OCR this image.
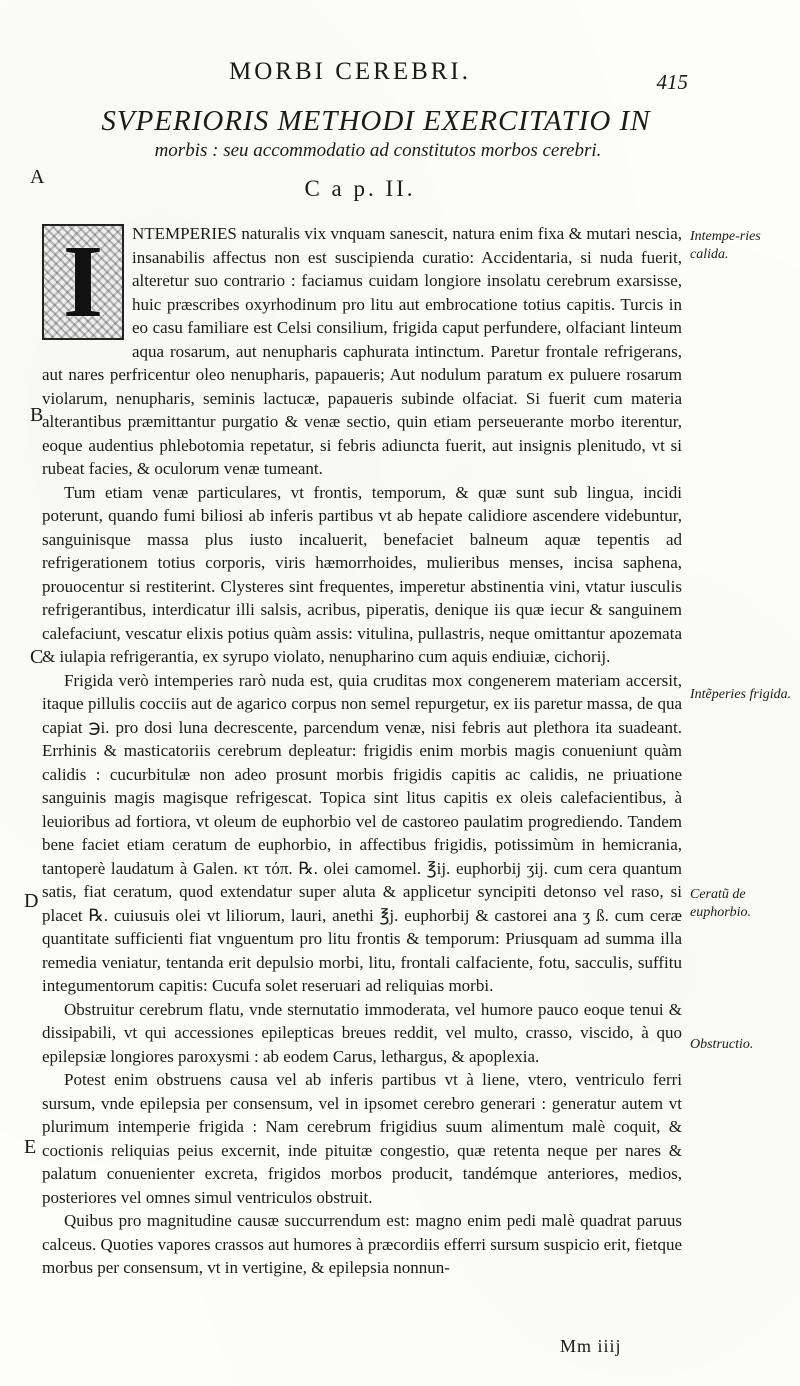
MORBI CEREBRI.	415
SVPERIORIS METHODI EXERCITATIO IN
morbis : seu accommodatio ad constitutos morbos cerebri.
C a p. II.
A
B
C
D
E
I	NTEMPERIES naturalis vix vnquam sanescit, natura enim fixa & mutari nescia, insanabilis affectus non est suscipienda curatio: Accidentaria, si nuda fuerit, alteretur suo contrario : faciamus cuidam longiore insolatu cerebrum exarsisse, huic præscribes oxyrhodinum pro litu aut embrocatione totius capitis. Turcis in eo casu familiare est Celsi consilium, frigida caput perfundere, olfaciant linteum aqua rosarum, aut nenupharis caphurata intinctum. Paretur frontale refrigerans, aut nares perfricentur oleo nenupharis, papaueris; Aut nodulum paratum ex puluere rosarum violarum, nenupharis, seminis lactucæ, papaueris subinde olfaciat. Si fuerit cum materia alterantibus præmittantur purgatio & venæ sectio, quin etiam perseuerante morbo iterentur, eoque audentius phlebotomia repetatur, si febris adiuncta fuerit, aut insignis plenitudo, vt si rubeat facies, & oculorum venæ tumeant.

Tum etiam venæ particulares, vt frontis, temporum, & quæ sunt sub lingua, incidi poterunt, quando fumi biliosi ab inferis partibus vt ab hepate calidiore ascendere videbuntur, sanguinisque massa plus iusto incaluerit, benefaciet balneum aquæ tepentis ad refrigerationem totius corporis, viris hæmorrhoides, mulieribus menses, incisa saphena, prouocentur si restiterint. Clysteres sint frequentes, imperetur abstinentia vini, vtatur iusculis refrigerantibus, interdicatur illi salsis, acribus, piperatis, denique iis quæ iecur & sanguinem calefaciunt, vescatur elixis potius quàm assis: vitulina, pullastris, neque omittantur apozemata & iulapia refrigerantia, ex syrupo violato, nenupharino cum aquis endiuiæ, cichorij.

Frigida verò intemperies rarò nuda est, quia cruditas mox congenerem materiam accersit, itaque pillulis cocciis aut de agarico corpus non semel repurgetur, ex iis paretur massa, de qua capiat ℈i. pro dosi luna decrescente, parcendum venæ, nisi febris aut plethora ita suadeant. Errhinis & masticatoriis cerebrum depleatur: frigidis enim morbis magis conueniunt quàm calidis : cucurbitulæ non adeo prosunt morbis frigidis capitis ac calidis, ne priuatione sanguinis magis magisque refrigescat. Topica sint litus capitis ex oleis calefacientibus, à leuioribus ad fortiora, vt oleum de euphorbio vel de castoreo paulatim progrediendo. Tandem bene faciet etiam ceratum de euphorbio, in affectibus frigidis, potissimùm in hemicrania, tantoperè laudatum à Galen. κτ τόπ. ℞. olei camomel. ℥ij. euphorbij ʒij. cum cera quantum satis, fiat ceratum, quod extendatur super aluta & applicetur syncipiti detonso vel raso, si placet ℞. cuiusuis olei vt liliorum, lauri, anethi ℥j. euphorbij & castorei ana ʒ ß. cum ceræ quantitate sufficienti fiat vnguentum pro litu frontis & temporum: Priusquam ad summa illa remedia veniatur, tentanda erit depulsio morbi, litu, frontali calfaciente, fotu, sacculis, suffitu integumentorum capitis: Cucufa solet reseruari ad reliquias morbi.

Obstruitur cerebrum flatu, vnde sternutatio immoderata, vel humore pauco eoque tenui & dissipabili, vt qui accessiones epilepticas breues reddit, vel multo, crasso, viscido, à quo epilepsiæ longiores paroxysmi : ab eodem Carus, lethargus, & apoplexia.

Potest enim obstruens causa vel ab inferis partibus vt à liene, vtero, ventriculo ferri sursum, vnde epilepsia per consensum, vel in ipsomet cerebro generari : generatur autem vt plurimum intemperie frigida : Nam cerebrum frigidius suum alimentum malè coquit, & coctionis reliquias peius excernit, inde pituitæ congestio, quæ retenta neque per nares & palatum conuenienter excreta, frigidos morbos producit, tandémque anteriores, medios, posteriores vel omnes simul ventriculos obstruit.

Quibus pro magnitudine causæ succurrendum est: magno enim pedi malè quadrat paruus calceus. Quoties vapores crassos aut humores à præcordiis efferri sursum suspicio erit, fietque morbus per consensum, vt in vertigine, & epilepsia nonnun-

Intempe-ries calida.
Intẽperies frigida.
Ceratũ de euphorbio.
Obstructio.
Mm iiij
